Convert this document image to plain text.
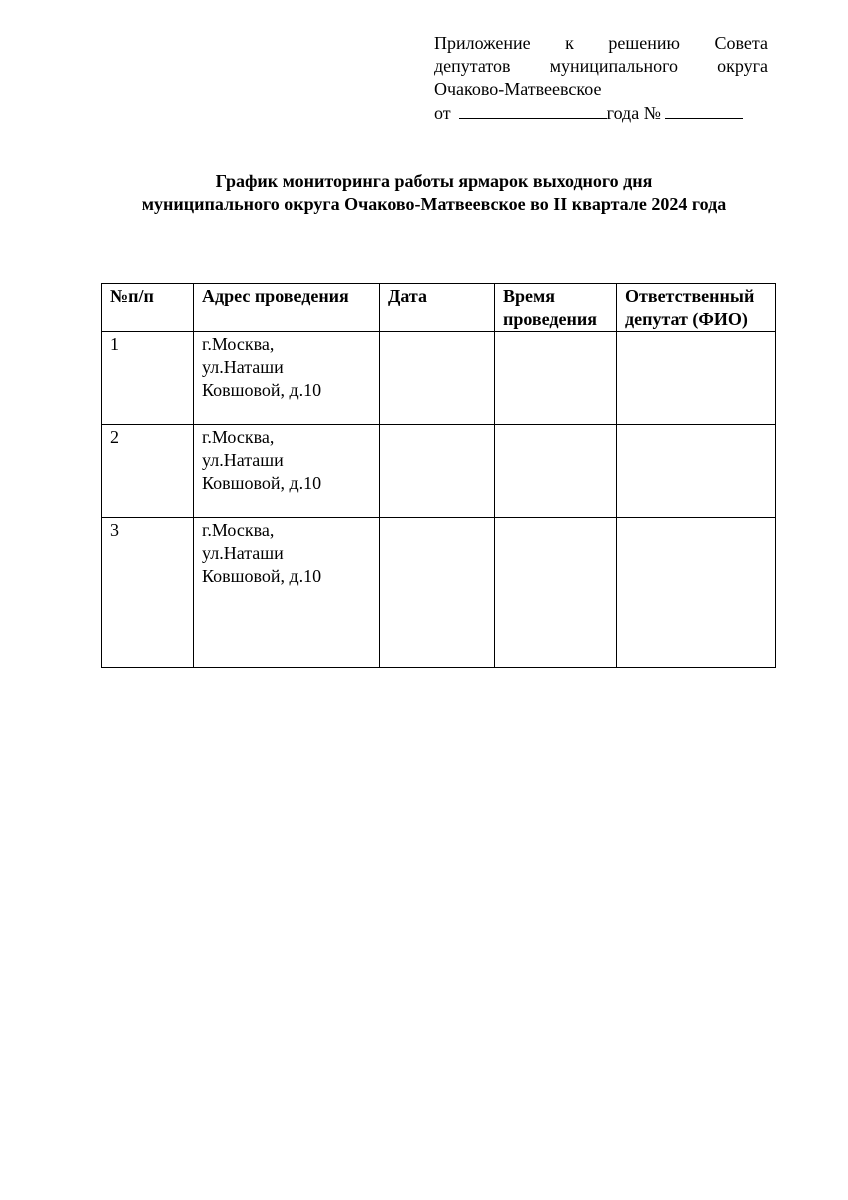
Приложение к решению Совета
депутатов муниципального округа
Очаково-Матвеевское
от	года №
График мониторинга работы ярмарок выходного дня
муниципального округа Очаково-Матвеевское во II квартале 2024 года
№п/п	Адрес проведения	Дата	Время проведения	Ответственный депутат (ФИО)
1	г.Москва,
ул.Наташи
Ковшовой, д.10			

2	г.Москва,
ул.Наташи
Ковшовой, д.10			

3	г.Москва,
ул.Наташи
Ковшовой, д.10			
